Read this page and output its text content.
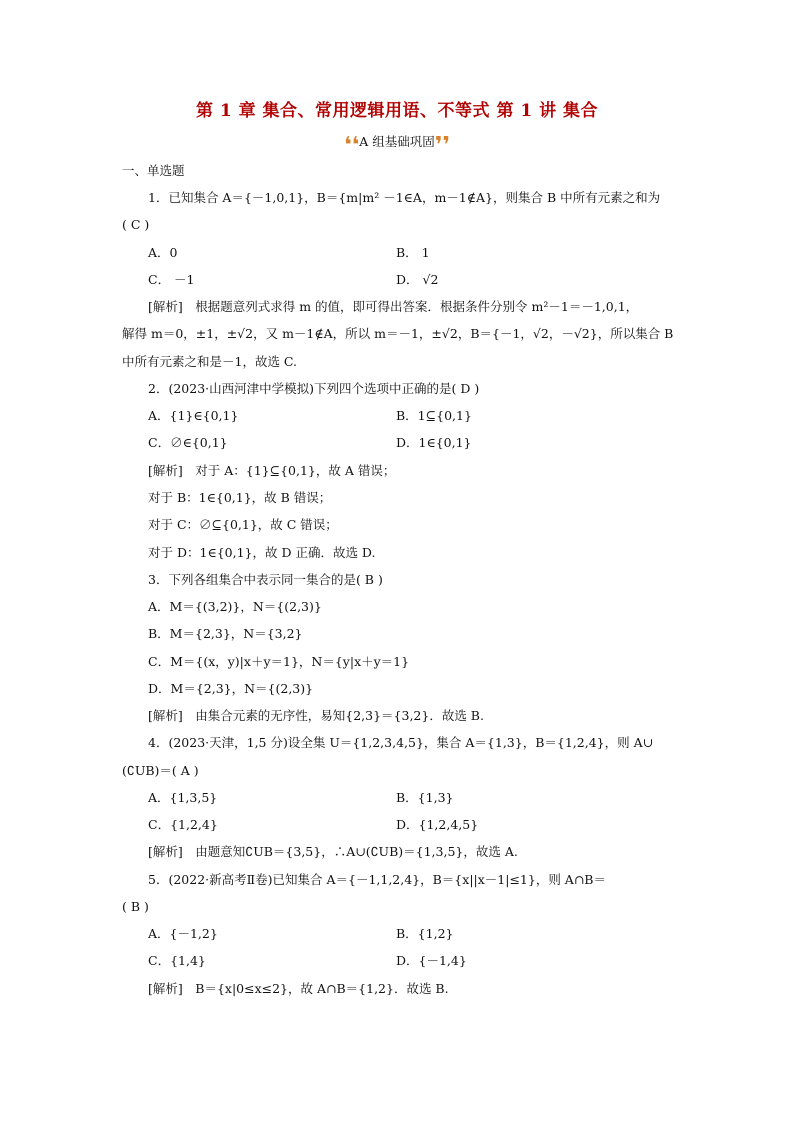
第 1 章 集合、常用逻辑用语、不等式 第 1 讲 集合
❛❛A 组基础巩固❜❜
一、单选题
1．已知集合 A＝{－1,0,1}，B＝{m|m² －1∈A，m－1∉A}，则集合 B 中所有元素之和为
( C )
A．0	B． 1
C． －1	D． √2
[解析]　根据题意列式求得 m 的值，即可得出答案．根据条件分别令 m²－1＝－1,0,1，
解得 m＝0，±1，±√2，又 m－1∉A，所以 m＝－1，±√2，B＝{－1，√2，－√2}，所以集合 B
中所有元素之和是－1，故选 C.
2．(2023·山西河津中学模拟)下列四个选项中正确的是( D )
A．{1}∈{0,1}	B．1⊆{0,1}
C．∅∈{0,1}	D．1∈{0,1}
[解析]　对于 A：{1}⊆{0,1}，故 A 错误；
对于 B：1∈{0,1}，故 B 错误；
对于 C：∅⊆{0,1}，故 C 错误；
对于 D：1∈{0,1}，故 D 正确．故选 D.
3．下列各组集合中表示同一集合的是( B )
A．M＝{(3,2)}，N＝{(2,3)}
B．M＝{2,3}，N＝{3,2}
C．M＝{(x，y)|x＋y＝1}，N＝{y|x＋y＝1}
D．M＝{2,3}，N＝{(2,3)}
[解析]　由集合元素的无序性，易知{2,3}＝{3,2}．故选 B.
4．(2023·天津，1,5 分)设全集 U＝{1,2,3,4,5}，集合 A＝{1,3}，B＝{1,2,4}，则 A∪
(∁UB)＝( A )
A．{1,3,5}	B．{1,3}
C．{1,2,4}	D．{1,2,4,5}
[解析]　由题意知∁UB＝{3,5}，∴A∪(∁UB)＝{1,3,5}，故选 A.
5．(2022·新高考Ⅱ卷)已知集合 A＝{－1,1,2,4}，B＝{x||x－1|≤1}，则 A∩B＝
( B )
A．{－1,2}	B．{1,2}
C．{1,4}	D．{－1,4}
[解析]　B＝{x|0≤x≤2}，故 A∩B＝{1,2}．故选 B.
